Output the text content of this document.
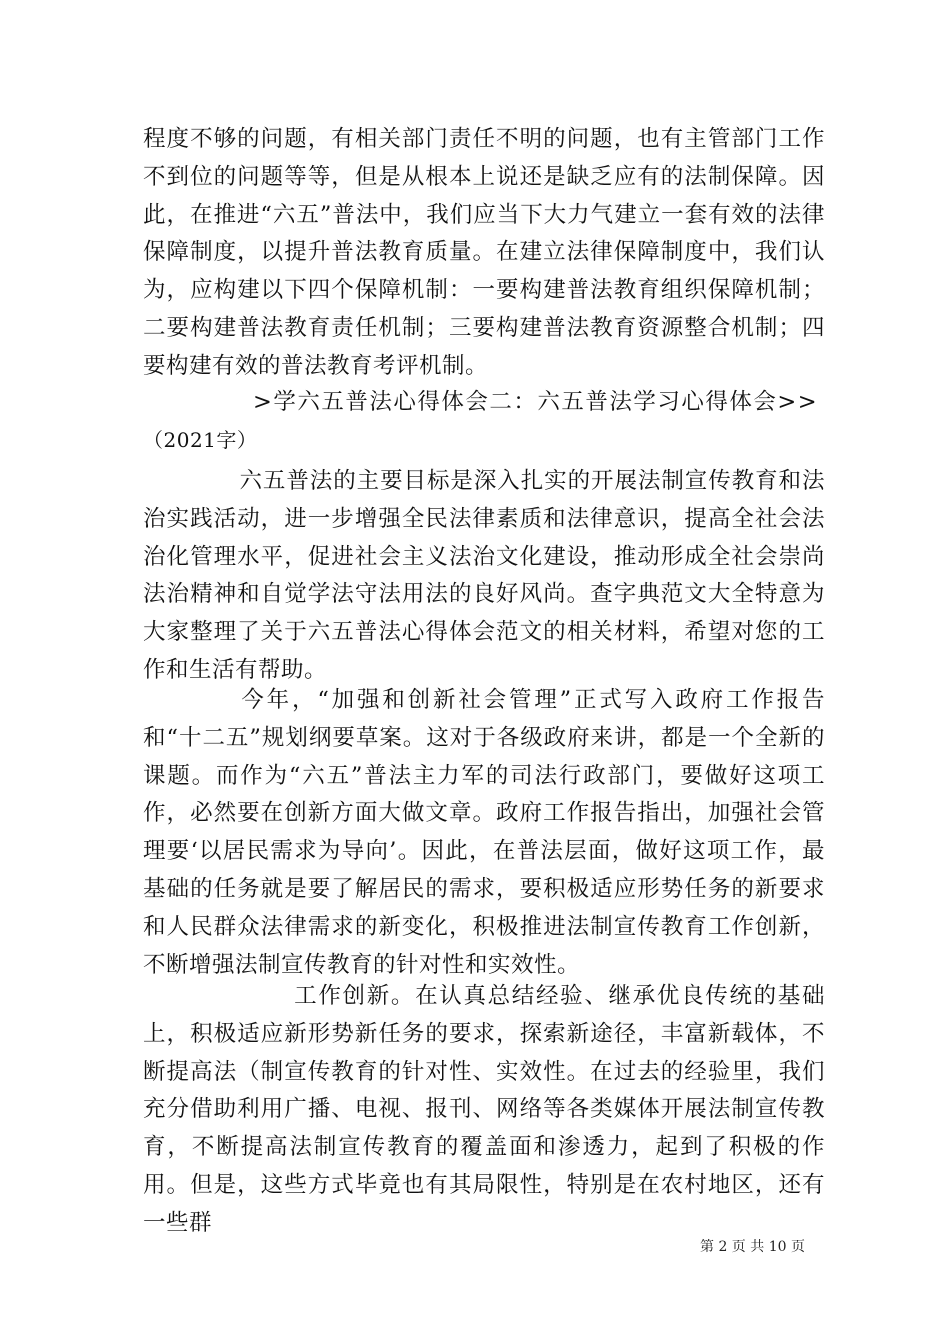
程度不够的问题，有相关部门责任不明的问题，也有主管部门工作不到位的问题等等，但是从根本上说还是缺乏应有的法制保障。因此，在推进“六五”普法中，我们应当下大力气建立一套有效的法律保障制度，以提升普法教育质量。在建立法律保障制度中，我们认为，应构建以下四个保障机制：一要构建普法教育组织保障机制；二要构建普法教育责任机制；三要构建普法教育资源整合机制；四要构建有效的普法教育考评机制。

>学六五普法心得体会二：六五普法学习心得体会>>
（2021字）

六五普法的主要目标是深入扎实的开展法制宣传教育和法治实践活动，进一步增强全民法律素质和法律意识，提高全社会法治化管理水平，促进社会主义法治文化建设，推动形成全社会崇尚法治精神和自觉学法守法用法的良好风尚。查字典范文大全特意为大家整理了关于六五普法心得体会范文的相关材料，希望对您的工作和生活有帮助。

今年，“加强和创新社会管理”正式写入政府工作报告和“十二五”规划纲要草案。这对于各级政府来讲，都是一个全新的课题。而作为“六五”普法主力军的司法行政部门，要做好这项工作，必然要在创新方面大做文章。政府工作报告指出，加强社会管理要‘以居民需求为导向’。因此，在普法层面，做好这项工作，最基础的任务就是要了解居民的需求，要积极适应形势任务的新要求和人民群众法律需求的新变化，积极推进法制宣传教育工作创新，不断增强法制宣传教育的针对性和实效性。

工作创新。在认真总结经验、继承优良传统的基础上，积极适应新形势新任务的要求，探索新途径，丰富新载体，不断提高法（制宣传教育的针对性、实效性。在过去的经验里，我们充分借助利用广播、电视、报刊、网络等各类媒体开展法制宣传教育，不断提高法制宣传教育的覆盖面和渗透力，起到了积极的作用。但是，这些方式毕竟也有其局限性，特别是在农村地区，还有一些群

第 2 页 共 10 页
